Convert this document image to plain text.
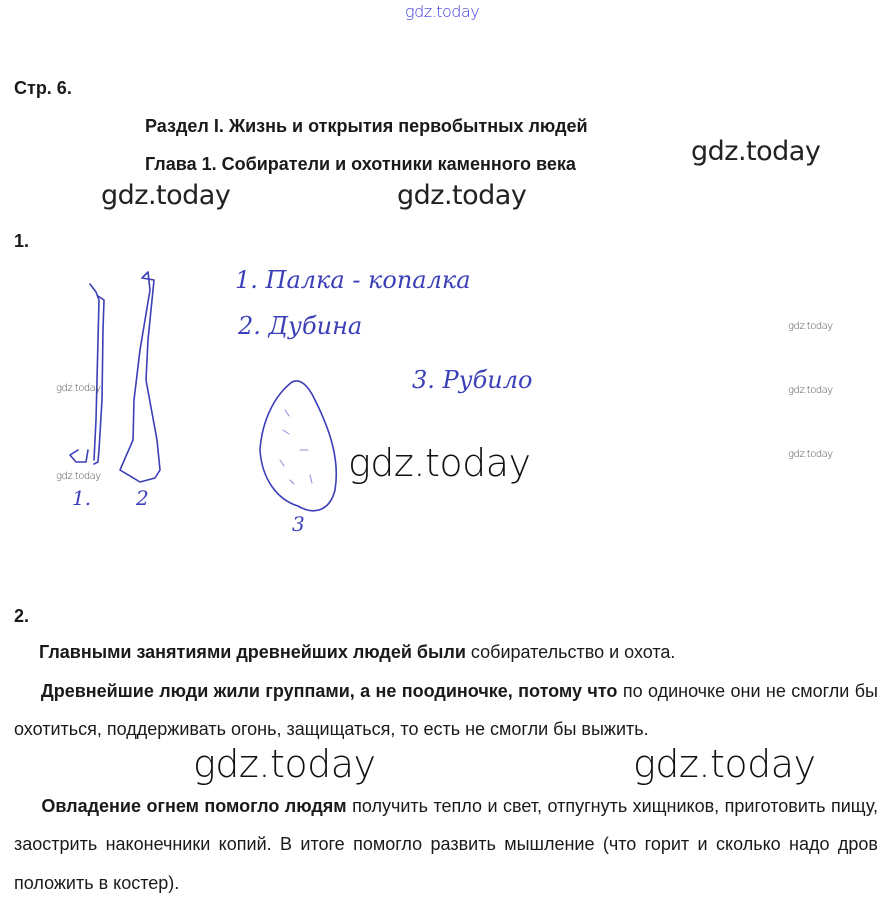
gdz.today
Стр. 6.
Раздел I. Жизнь и открытия первобытных людей
Глава 1. Собиратели и охотники каменного века	gdz.today
gdz.today	gdz.today
1.
1. Палка - копалка
2. Дубина
3. Рубило
1. 2
3
gdz.today
gdz.today
gdz.today
gdz.today
gdz.today
gdz.today
2.
Главными занятиями древнейших людей были собирательство и охота.
Древнейшие люди жили группами, а не поодиночке, потому что по одиночке они не смогли бы охотиться, поддерживать огонь, защищаться, то есть не смогли бы выжить.
Овладение огнем помогло людям получить тепло и свет, отпугнуть хищников, приготовить пищу, заострить наконечники копий. В итоге помогло развить мышление (что горит и сколько надо дров положить в костер).
gdz.today	gdz.today
